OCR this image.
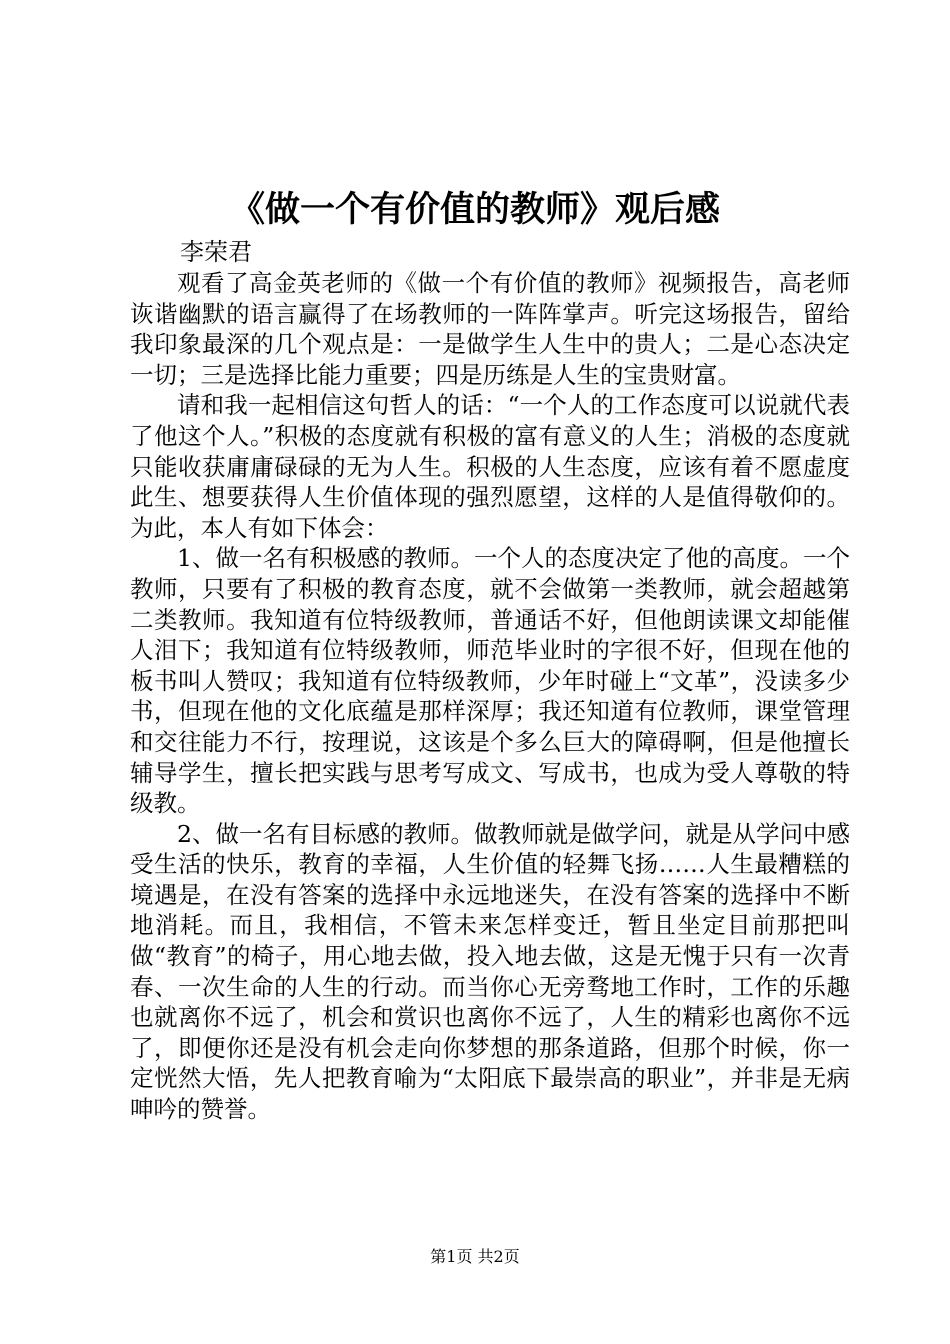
《做一个有价值的教师》观后感
李荣君

观看了高金英老师的《做一个有价值的教师》视频报告，高老师诙谐幽默的语言赢得了在场教师的一阵阵掌声。听完这场报告，留给我印象最深的几个观点是：一是做学生人生中的贵人；二是心态决定一切；三是选择比能力重要；四是历练是人生的宝贵财富。

请和我一起相信这句哲人的话：“一个人的工作态度可以说就代表了他这个人。”积极的态度就有积极的富有意义的人生；消极的态度就只能收获庸庸碌碌的无为人生。积极的人生态度，应该有着不愿虚度此生、想要获得人生价值体现的强烈愿望，这样的人是值得敬仰的。为此，本人有如下体会：

1、做一名有积极感的教师。一个人的态度决定了他的高度。一个教师，只要有了积极的教育态度，就不会做第一类教师，就会超越第二类教师。我知道有位特级教师，普通话不好，但他朗读课文却能催人泪下；我知道有位特级教师，师范毕业时的字很不好，但现在他的板书叫人赞叹；我知道有位特级教师，少年时碰上“文革”，没读多少书，但现在他的文化底蕴是那样深厚；我还知道有位教师，课堂管理和交往能力不行，按理说，这该是个多么巨大的障碍啊，但是他擅长辅导学生，擅长把实践与思考写成文、写成书，也成为受人尊敬的特级教。

2、做一名有目标感的教师。做教师就是做学问，就是从学问中感受生活的快乐，教育的幸福，人生价值的轻舞飞扬……人生最糟糕的境遇是，在没有答案的选择中永远地迷失，在没有答案的选择中不断地消耗。而且，我相信，不管未来怎样变迁，暂且坐定目前那把叫做“教育”的椅子，用心地去做，投入地去做，这是无愧于只有一次青春、一次生命的人生的行动。而当你心无旁骛地工作时，工作的乐趣也就离你不远了，机会和赏识也离你不远了，人生的精彩也离你不远了，即便你还是没有机会走向你梦想的那条道路，但那个时候，你一定恍然大悟，先人把教育喻为“太阳底下最崇高的职业”，并非是无病呻吟的赞誉。

第1页 共2页
